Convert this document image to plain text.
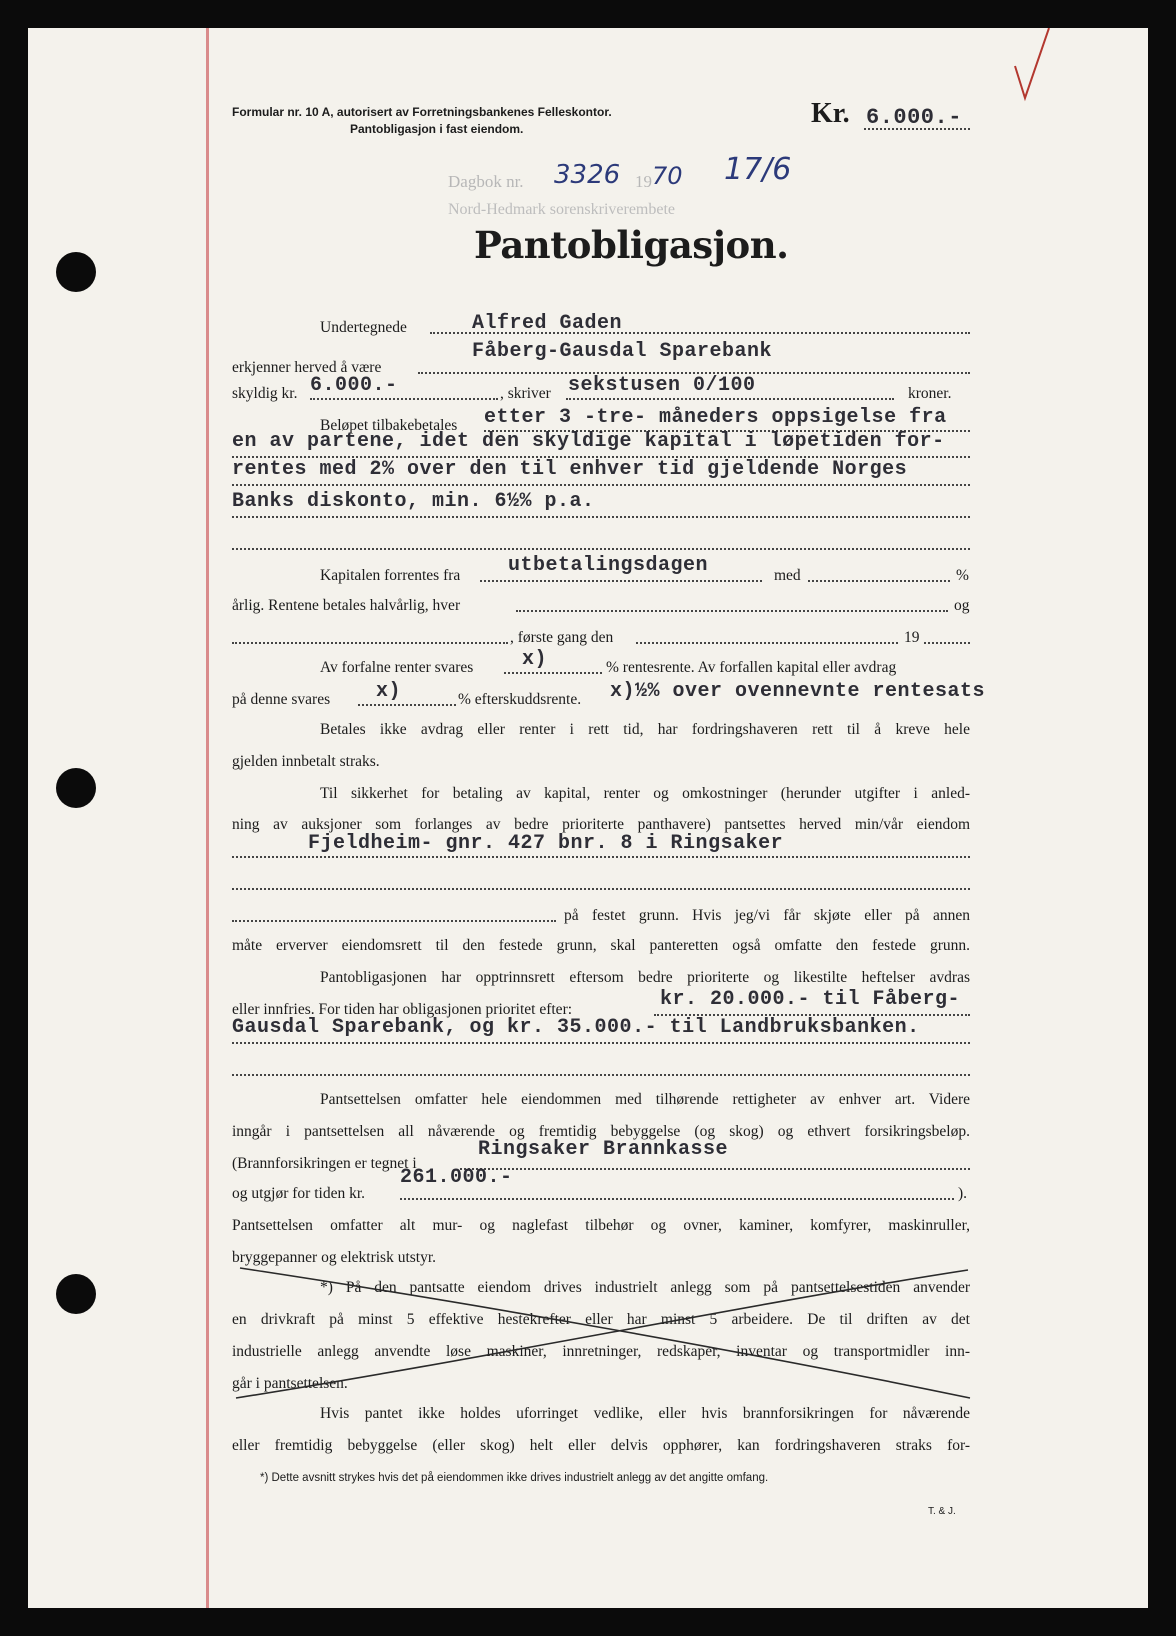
Formular nr. 10 A, autorisert av Forretningsbankenes Felleskontor.
Pantobligasjon i fast eiendom.	Kr. 6.000.-
Dagbok nr. 3326 19 70 17/6
Nord-Hedmark sorenskriverembete
Pantobligasjon.
Undertegnede	Alfred Gaden
erkjenner herved å være
Fåberg-Gausdal Sparebank
skyldig kr. 6.000.-	, skriver sekstusen 0/100	kroner.
Beløpet tilbakebetales etter 3 -tre- måneders oppsigelse fra
en av partene, idet den skyldige kapital i løpetiden for-
rentes med 2% over den til enhver tid gjeldende Norges
Banks diskonto, min. 6½% p.a.
Kapitalen forrentes fra utbetalingsdagen	med	%
årlig. Rentene betales halvårlig, hver	og
, første gang den	19
Av forfalne renter svares x)	% rentesrente. Av forfallen kapital eller avdrag
på denne svares x)	% efterskuddsrente. x)½% over ovennevnte rentesats
Betales ikke avdrag eller renter i rett tid, har fordringshaveren rett til å kreve hele
gjelden innbetalt straks.
Til sikkerhet for betaling av kapital, renter og omkostninger (herunder utgifter i anled-
ning av auksjoner som forlanges av bedre prioriterte panthavere) pantsettes herved min/vår eiendom
Fjeldheim- gnr. 427 bnr. 8 i Ringsaker
på festet grunn. Hvis jeg/vi får skjøte eller på annen
måte erverver eiendomsrett til den festede grunn, skal panteretten også omfatte den festede grunn.
Pantobligasjonen har opptrinnsrett eftersom bedre prioriterte og likestilte heftelser avdras
eller innfries. For tiden har obligasjonen prioritet efter:	kr. 20.000.- til Fåberg-
Gausdal Sparebank, og kr. 35.000.- til Landbruksbanken.
Pantsettelsen omfatter hele eiendommen med tilhørende rettigheter av enhver art. Videre
inngår i pantsettelsen all nåværende og fremtidig bebyggelse (og skog) og ethvert forsikringsbeløp.
(Brannforsikringen er tegnet i
Ringsaker Brannkasse
og utgjør for tiden kr.
261.000.-
).
Pantsettelsen omfatter alt mur- og naglefast tilbehør og ovner, kaminer, komfyrer, maskinruller,
bryggepanner og elektrisk utstyr.
*) På den pantsatte eiendom drives industrielt anlegg som på pantsettelsestiden anvender
en drivkraft på minst 5 effektive hestekrefter eller har minst 5 arbeidere. De til driften av det
industrielle anlegg anvendte løse maskiner, innretninger, redskaper, inventar og transportmidler inn-
går i pantsettelsen.
Hvis pantet ikke holdes uforringet vedlike, eller hvis brannforsikringen for nåværende
eller fremtidig bebyggelse (eller skog) helt eller delvis opphører, kan fordringshaveren straks for-
*) Dette avsnitt strykes hvis det på eiendommen ikke drives industrielt anlegg av det angitte omfang.
T. & J.
